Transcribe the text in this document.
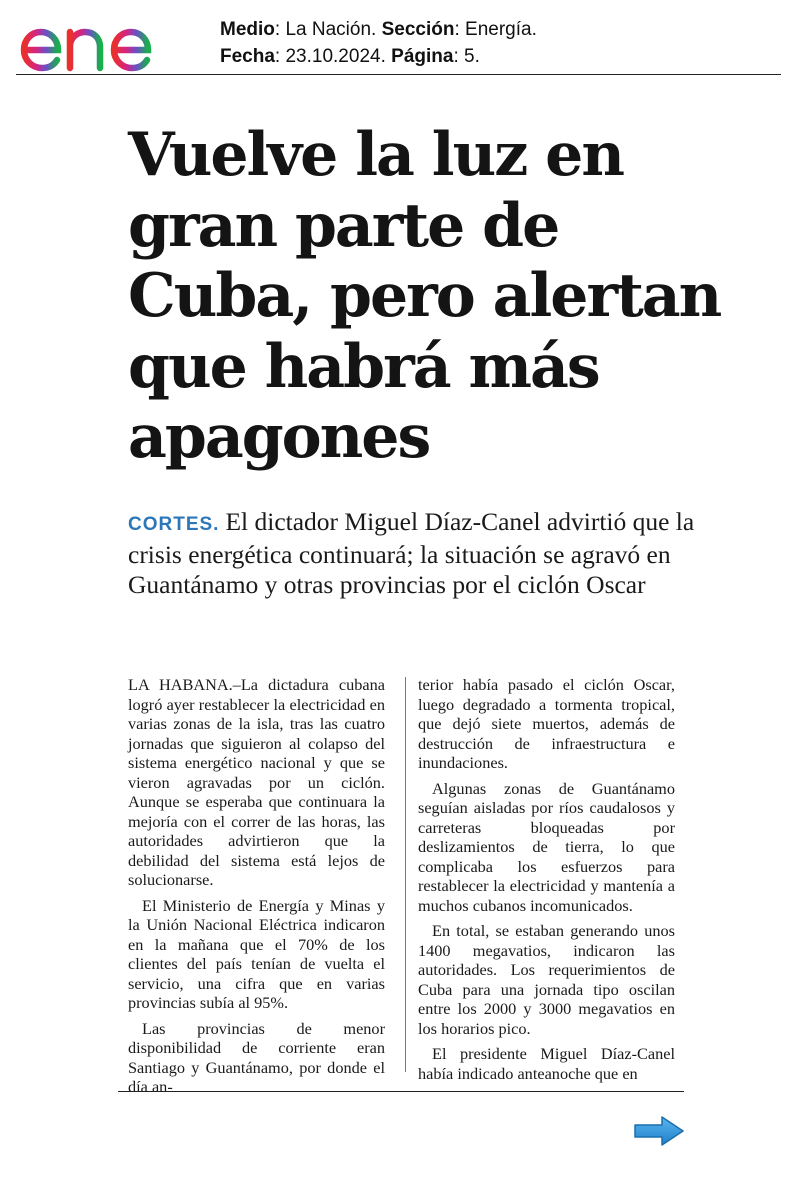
Medio: La Nación. Sección: Energía.
Fecha: 23.10.2024. Página: 5.
Vuelve la luz en gran parte de Cuba, pero alertan que habrá más apagones

CORTES. El dictador Miguel Díaz-Canel advirtió que la crisis energética continuará; la situación se agravó en Guantánamo y otras provincias por el ciclón Oscar

LA HABANA.–La dictadura cubana logró ayer restablecer la electricidad en varias zonas de la isla, tras las cuatro jornadas que siguieron al colapso del sistema energético nacional y que se vieron agravadas por un ciclón. Aunque se esperaba que continuara la mejoría con el correr de las horas, las autoridades advirtieron que la debilidad del sistema está lejos de solucionarse.

El Ministerio de Energía y Minas y la Unión Nacional Eléctrica indicaron en la mañana que el 70% de los clientes del país tenían de vuelta el servicio, una cifra que en varias provincias subía al 95%.

Las provincias de menor disponibilidad de corriente eran Santiago y Guantánamo, por donde el día an-

terior había pasado el ciclón Oscar, luego degradado a tormenta tropical, que dejó siete muertos, además de destrucción de infraestructura e inundaciones.

Algunas zonas de Guantánamo seguían aisladas por ríos caudalosos y carreteras bloqueadas por deslizamientos de tierra, lo que complicaba los esfuerzos para restablecer la electricidad y mantenía a muchos cubanos incomunicados.

En total, se estaban generando unos 1400 megavatios, indicaron las autoridades. Los requerimientos de Cuba para una jornada tipo oscilan entre los 2000 y 3000 megavatios en los horarios pico.

El presidente Miguel Díaz-Canel había indicado anteanoche que en
